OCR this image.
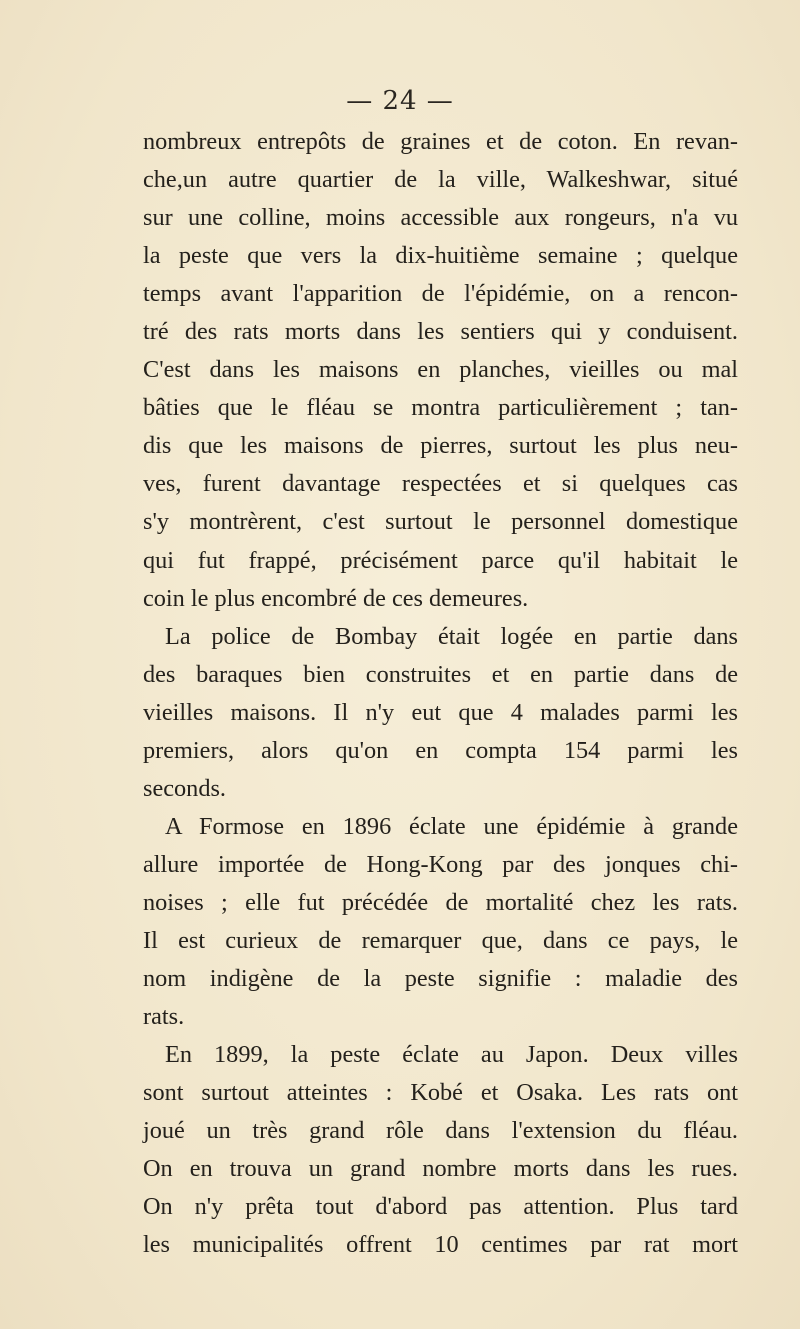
— 24 —
nombreux entrepôts de graines et de coton. En revan-
che,un autre quartier de la ville, Walkeshwar, situé
sur une colline, moins accessible aux rongeurs, n'a vu
la peste que vers la dix-huitième semaine ; quelque
temps avant l'apparition de l'épidémie, on a rencon-
tré des rats morts dans les sentiers qui y conduisent.
C'est dans les maisons en planches, vieilles ou mal
bâties que le fléau se montra particulièrement ; tan-
dis que les maisons de pierres, surtout les plus neu-
ves, furent davantage respectées et si quelques cas
s'y montrèrent, c'est surtout le personnel domestique
qui fut frappé, précisément parce qu'il habitait le
coin le plus encombré de ces demeures.
La police de Bombay était logée en partie dans
des baraques bien construites et en partie dans de
vieilles maisons. Il n'y eut que 4 malades parmi les
premiers, alors qu'on en compta 154 parmi les
seconds.
A Formose en 1896 éclate une épidémie à grande
allure importée de Hong-Kong par des jonques chi-
noises ; elle fut précédée de mortalité chez les rats.
Il est curieux de remarquer que, dans ce pays, le
nom indigène de la peste signifie : maladie des
rats.
En 1899, la peste éclate au Japon. Deux villes
sont surtout atteintes : Kobé et Osaka. Les rats ont
joué un très grand rôle dans l'extension du fléau.
On en trouva un grand nombre morts dans les rues.
On n'y prêta tout d'abord pas attention. Plus tard
les municipalités offrent 10 centimes par rat mort
